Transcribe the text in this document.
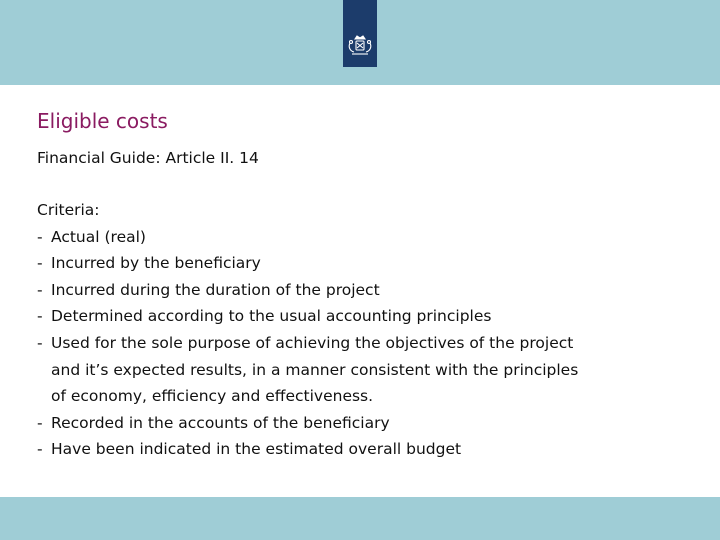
Eligible costs
Financial Guide: Article II. 14
Criteria:
- Actual (real)
- Incurred by the beneficiary
- Incurred during the duration of the project
- Determined according to the usual accounting principles
- Used for the sole purpose of achieving the objectives of the project
and it’s expected results, in a manner consistent with the principles
of economy, efficiency and effectiveness.
- Recorded in the accounts of the beneficiary
- Have been indicated in the estimated overall budget
